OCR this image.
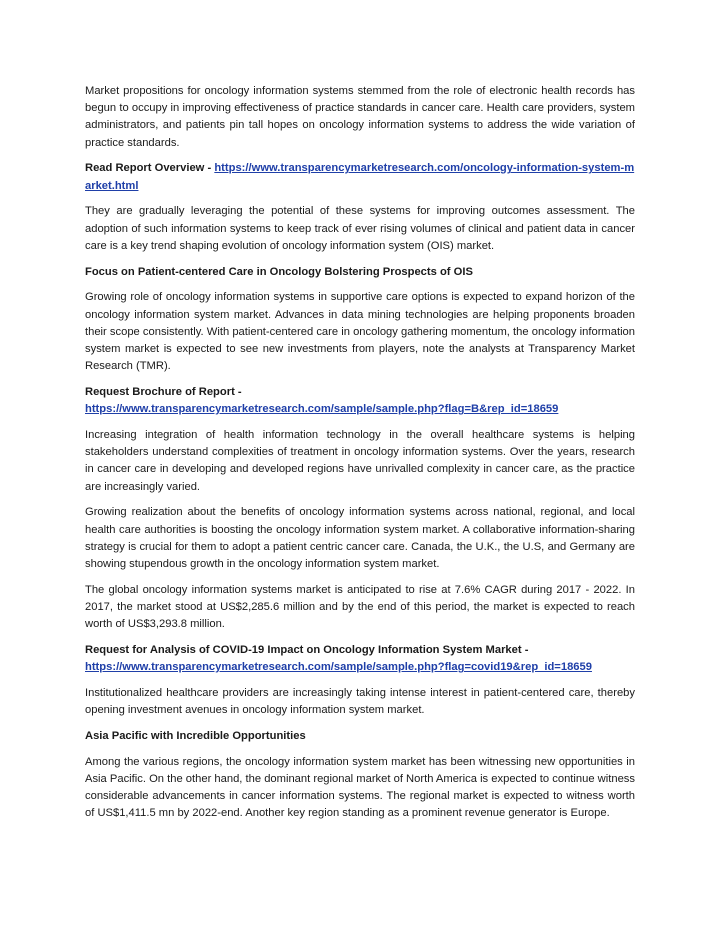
Market propositions for oncology information systems stemmed from the role of electronic health records has begun to occupy in improving effectiveness of practice standards in cancer care. Health care providers, system administrators, and patients pin tall hopes on oncology information systems to address the wide variation of practice standards.

Read Report Overview - https://www.transparencymarketresearch.com/oncology-information-system-market.html

They are gradually leveraging the potential of these systems for improving outcomes assessment. The adoption of such information systems to keep track of ever rising volumes of clinical and patient data in cancer care is a key trend shaping evolution of oncology information system (OIS) market.

Focus on Patient-centered Care in Oncology Bolstering Prospects of OIS

Growing role of oncology information systems in supportive care options is expected to expand horizon of the oncology information system market. Advances in data mining technologies are helping proponents broaden their scope consistently. With patient-centered care in oncology gathering momentum, the oncology information system market is expected to see new investments from players, note the analysts at Transparency Market Research (TMR).

Request Brochure of Report -
https://www.transparencymarketresearch.com/sample/sample.php?flag=B&rep_id=18659

Increasing integration of health information technology in the overall healthcare systems is helping stakeholders understand complexities of treatment in oncology information systems. Over the years, research in cancer care in developing and developed regions have unrivalled complexity in cancer care, as the practice are increasingly varied.

Growing realization about the benefits of oncology information systems across national, regional, and local health care authorities is boosting the oncology information system market. A collaborative information-sharing strategy is crucial for them to adopt a patient centric cancer care. Canada, the U.K., the U.S, and Germany are showing stupendous growth in the oncology information system market.

The global oncology information systems market is anticipated to rise at 7.6% CAGR during 2017 - 2022. In 2017, the market stood at US$2,285.6 million and by the end of this period, the market is expected to reach worth of US$3,293.8 million.

Request for Analysis of COVID-19 Impact on Oncology Information System Market -
https://www.transparencymarketresearch.com/sample/sample.php?flag=covid19&rep_id=18659

Institutionalized healthcare providers are increasingly taking intense interest in patient-centered care, thereby opening investment avenues in oncology information system market.

Asia Pacific with Incredible Opportunities

Among the various regions, the oncology information system market has been witnessing new opportunities in Asia Pacific. On the other hand, the dominant regional market of North America is expected to continue witness considerable advancements in cancer information systems. The regional market is expected to witness worth of US$1,411.5 mn by 2022-end. Another key region standing as a prominent revenue generator is Europe.
